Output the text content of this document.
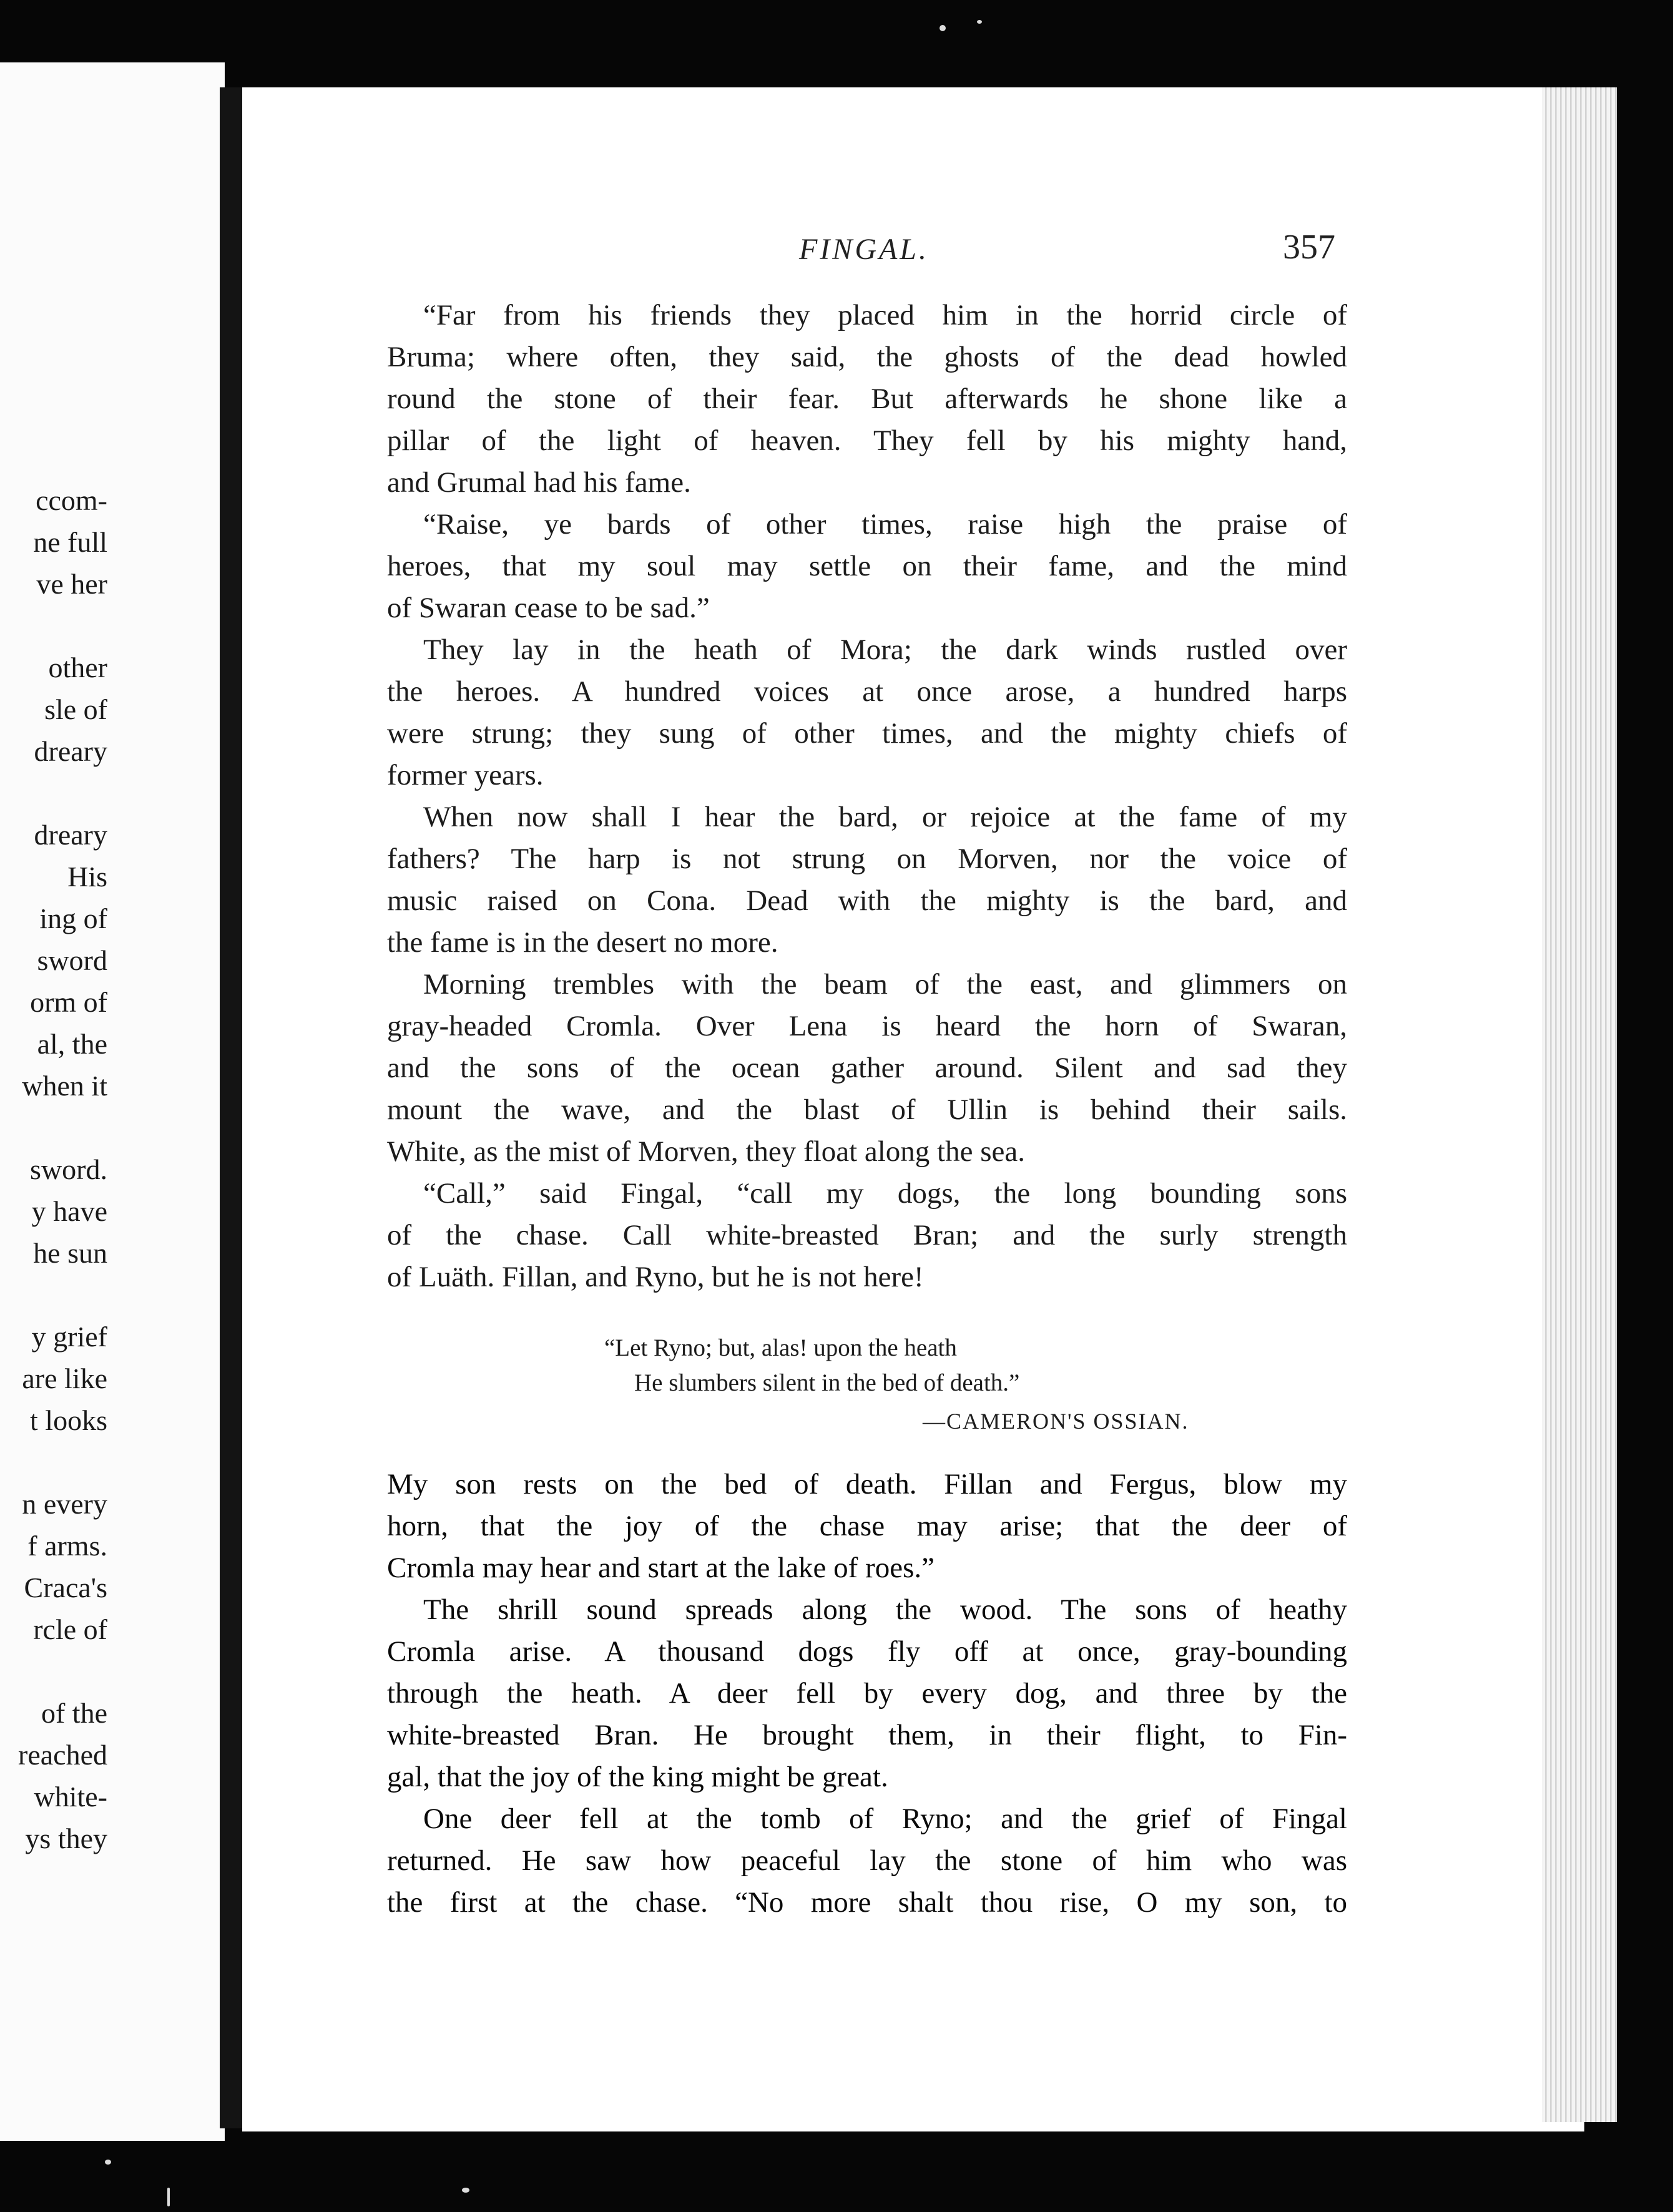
ccom-
ne full
ve her
other
sle of
dreary
dreary
His
ing of
sword
orm of
al, the
when it
sword.
y have
he sun
y grief
are like
t looks
n every
f arms.
Craca's
rcle of
of the
reached
white-
ys they
FINGAL.	357
“Far from his friends they placed him in the horrid circle of
Bruma; where often, they said, the ghosts of the dead howled
round the stone of their fear. But afterwards he shone like a
pillar of the light of heaven. They fell by his mighty hand,
and Grumal had his fame.
“Raise, ye bards of other times, raise high the praise of
heroes, that my soul may settle on their fame, and the mind
of Swaran cease to be sad.”
They lay in the heath of Mora; the dark winds rustled over
the heroes. A hundred voices at once arose, a hundred harps
were strung; they sung of other times, and the mighty chiefs of
former years.
When now shall I hear the bard, or rejoice at the fame of my
fathers? The harp is not strung on Morven, nor the voice of
music raised on Cona. Dead with the mighty is the bard, and
the fame is in the desert no more.
Morning trembles with the beam of the east, and glimmers on
gray-headed Cromla. Over Lena is heard the horn of Swaran,
and the sons of the ocean gather around. Silent and sad they
mount the wave, and the blast of Ullin is behind their sails.
White, as the mist of Morven, they float along the sea.
“Call,” said Fingal, “call my dogs, the long bounding sons
of the chase. Call white-breasted Bran; and the surly strength
of Luäth. Fillan, and Ryno, but he is not here!
“Let Ryno; but, alas! upon the heath
He slumbers silent in the bed of death.”
—CAMERON'S OSSIAN.
My son rests on the bed of death. Fillan and Fergus, blow my
horn, that the joy of the chase may arise; that the deer of
Cromla may hear and start at the lake of roes.”
The shrill sound spreads along the wood. The sons of heathy
Cromla arise. A thousand dogs fly off at once, gray-bounding
through the heath. A deer fell by every dog, and three by the
white-breasted Bran. He brought them, in their flight, to Fin-
gal, that the joy of the king might be great.
One deer fell at the tomb of Ryno; and the grief of Fingal
returned. He saw how peaceful lay the stone of him who was
the first at the chase. “No more shalt thou rise, O my son, to
